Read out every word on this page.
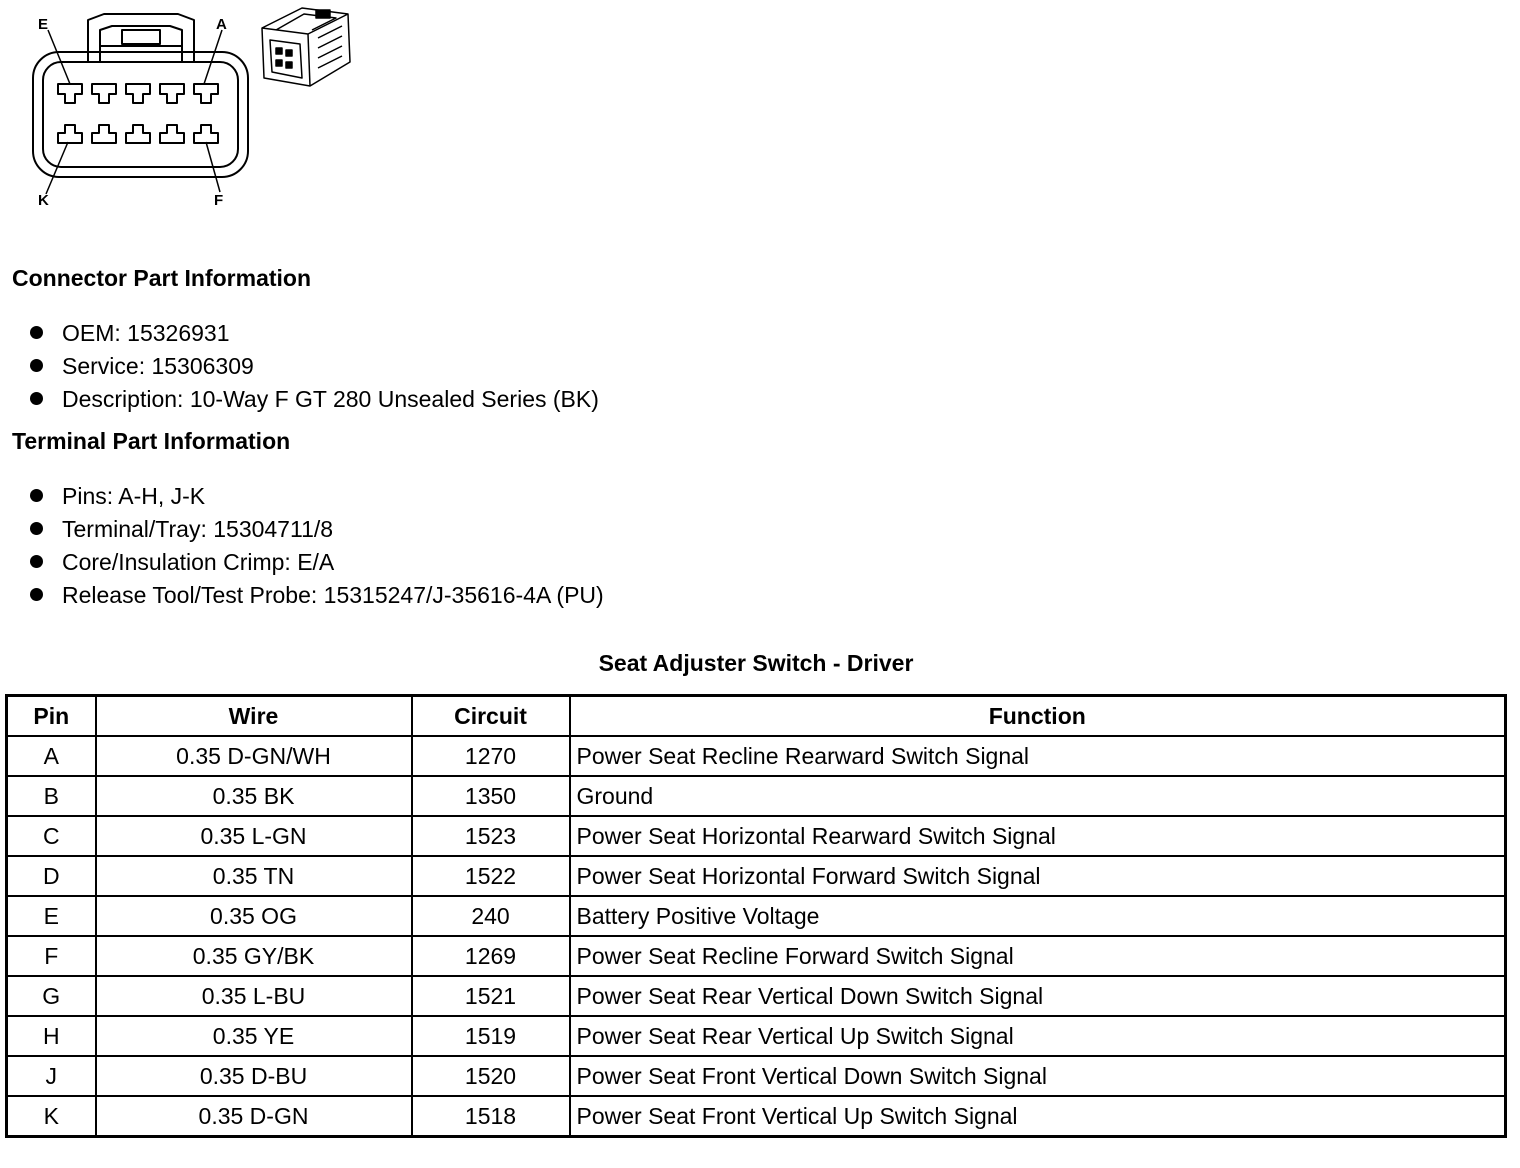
E	A
K	F
Connector Part Information
OEM: 15326931
Service: 15306309
Description: 10-Way F GT 280 Unsealed Series (BK)
Terminal Part Information
Pins: A-H, J-K
Terminal/Tray: 15304711/8
Core/Insulation Crimp: E/A
Release Tool/Test Probe: 15315247/J-35616-4A (PU)
Seat Adjuster Switch - Driver
Pin	Wire	Circuit	Function
A	0.35 D-GN/WH	1270	Power Seat Recline Rearward Switch Signal
B	0.35 BK	1350	Ground
C	0.35 L-GN	1523	Power Seat Horizontal Rearward Switch Signal
D	0.35 TN	1522	Power Seat Horizontal Forward Switch Signal
E	0.35 OG	240	Battery Positive Voltage
F	0.35 GY/BK	1269	Power Seat Recline Forward Switch Signal
G	0.35 L-BU	1521	Power Seat Rear Vertical Down Switch Signal
H	0.35 YE	1519	Power Seat Rear Vertical Up Switch Signal
J	0.35 D-BU	1520	Power Seat Front Vertical Down Switch Signal
K	0.35 D-GN	1518	Power Seat Front Vertical Up Switch Signal
